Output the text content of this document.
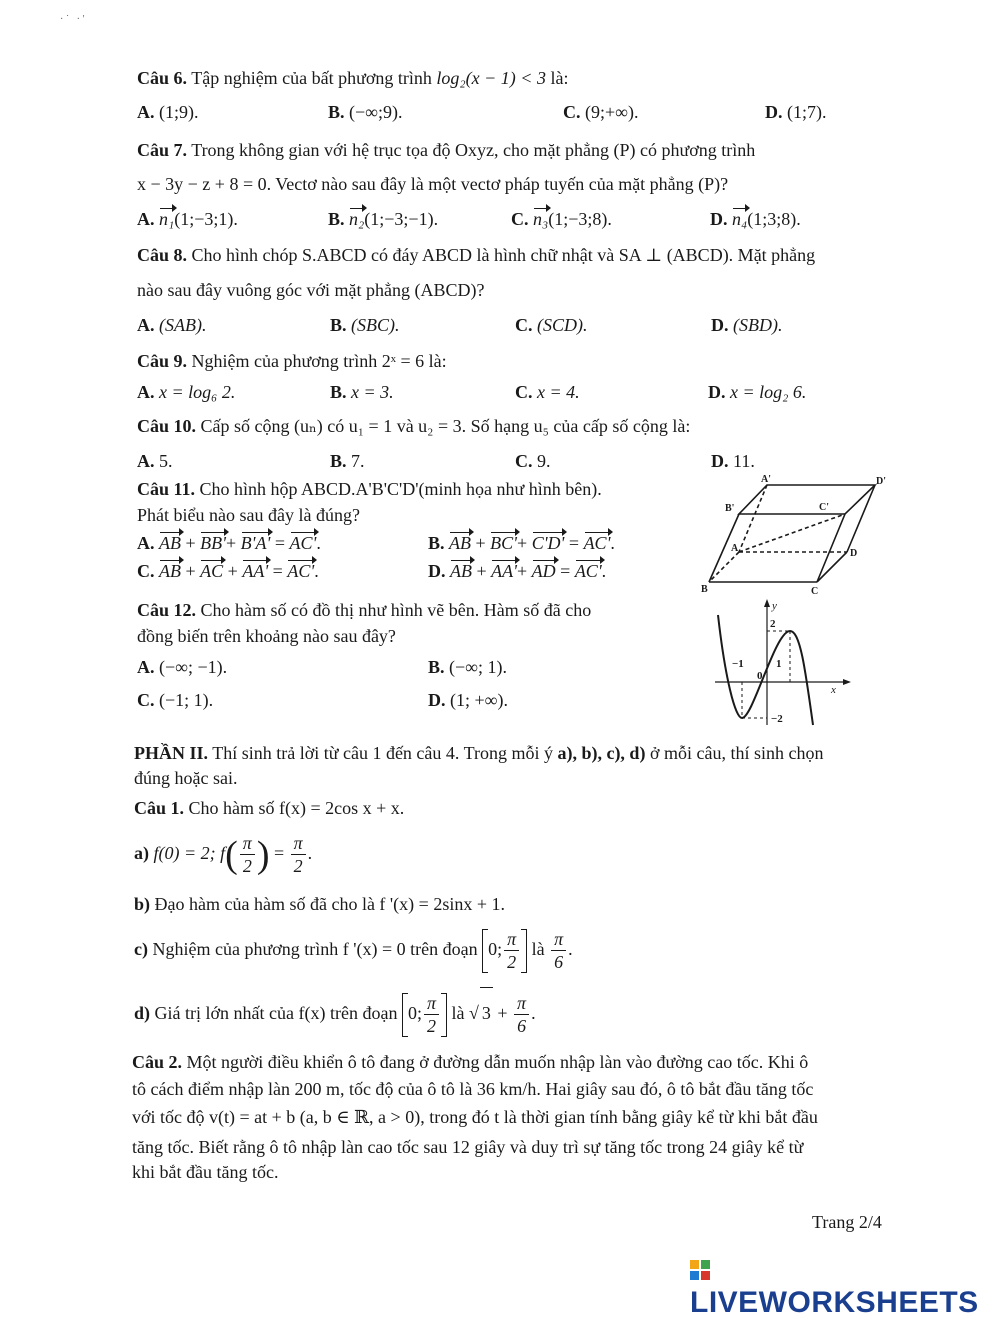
· ˙   · ′
Câu 6. Tập nghiệm của bất phương trình log₂(x − 1) < 3 là:
A. (1;9).	B. (−∞;9).	C. (9;+∞).	D. (1;7).
Câu 7. Trong không gian với hệ trục tọa độ Oxyz, cho mặt phẳng (P) có phương trình
x − 3y − z + 8 = 0. Vectơ nào sau đây là một vectơ pháp tuyến của mặt phẳng (P)?
A. n₁(1;−3;1).	B. n₂(1;−3;−1).	C. n₃(1;−3;8).	D. n₄(1;3;8).
Câu 8. Cho hình chóp S.ABCD có đáy ABCD là hình chữ nhật và SA ⊥ (ABCD). Mặt phẳng
nào sau đây vuông góc với mặt phẳng (ABCD)?
A. (SAB).	B. (SBC).	C. (SCD).	D. (SBD).
Câu 9. Nghiệm của phương trình 2ˣ = 6 là:
A. x = log₆ 2.	B. x = 3.	C. x = 4.	D. x = log₂ 6.
Câu 10. Cấp số cộng (uₙ) có u₁ = 1 và u₂ = 3. Số hạng u₅ của cấp số cộng là:
A. 5.	B. 7.	C. 9.	D. 11.
Câu 11. Cho hình hộp ABCD.A'B'C'D'(minh họa như hình bên).
Phát biểu nào sau đây là đúng?
A. AB + BB'+ B'A' = AC'.	B. AB + BC'+ C'D' = AC'.
C. AB + AC + AA' = AC'.	D. AB + AA'+ AD = AC'.
A'	D'
B'	C'
A	D
B	C
Câu 12. Cho hàm số có đồ thị như hình vẽ bên. Hàm số đã cho
đồng biến trên khoảng nào sau đây?
A. (−∞; −1).	B. (−∞; 1).
C. (−1; 1).	D. (1; +∞).
y
x
2
−1	1
0
−2
PHẦN II. Thí sinh trả lời từ câu 1 đến câu 4. Trong mỗi ý a), b), c), d) ở mỗi câu, thí sinh chọn
đúng hoặc sai.
Câu 1. Cho hàm số f(x) = 2cos x + x.
a) f(0) = 2; $f( \frac{\pi}{2}$ ) = $\frac{\pi}{2}$ .
b) Đạo hàm của hàm số đã cho là f '(x) = 2sinx + 1.
c) Nghiệm của phương trình f '(x) = 0 trên đoạn 0; $\frac{\pi}{2}$ là $\frac{\pi}{6}$ .
d) Giá trị lớn nhất của f(x) trên đoạn 0; $\frac{\pi}{2}$ là √ $3 + \frac{\pi}{6}$ .
Câu 2. Một người điều khiển ô tô đang ở đường dẫn muốn nhập làn vào đường cao tốc. Khi ô
tô cách điểm nhập làn 200 m, tốc độ của ô tô là 36 km/h. Hai giây sau đó, ô tô bắt đầu tăng tốc
với tốc độ v(t) = at + b (a, b ∈ ℝ, a > 0), trong đó t là thời gian tính bằng giây kể từ khi bắt đầu
tăng tốc. Biết rằng ô tô nhập làn cao tốc sau 12 giây và duy trì sự tăng tốc trong 24 giây kể từ
khi bắt đầu tăng tốc.
Trang 2/4
LIVEWORKSHEETS
